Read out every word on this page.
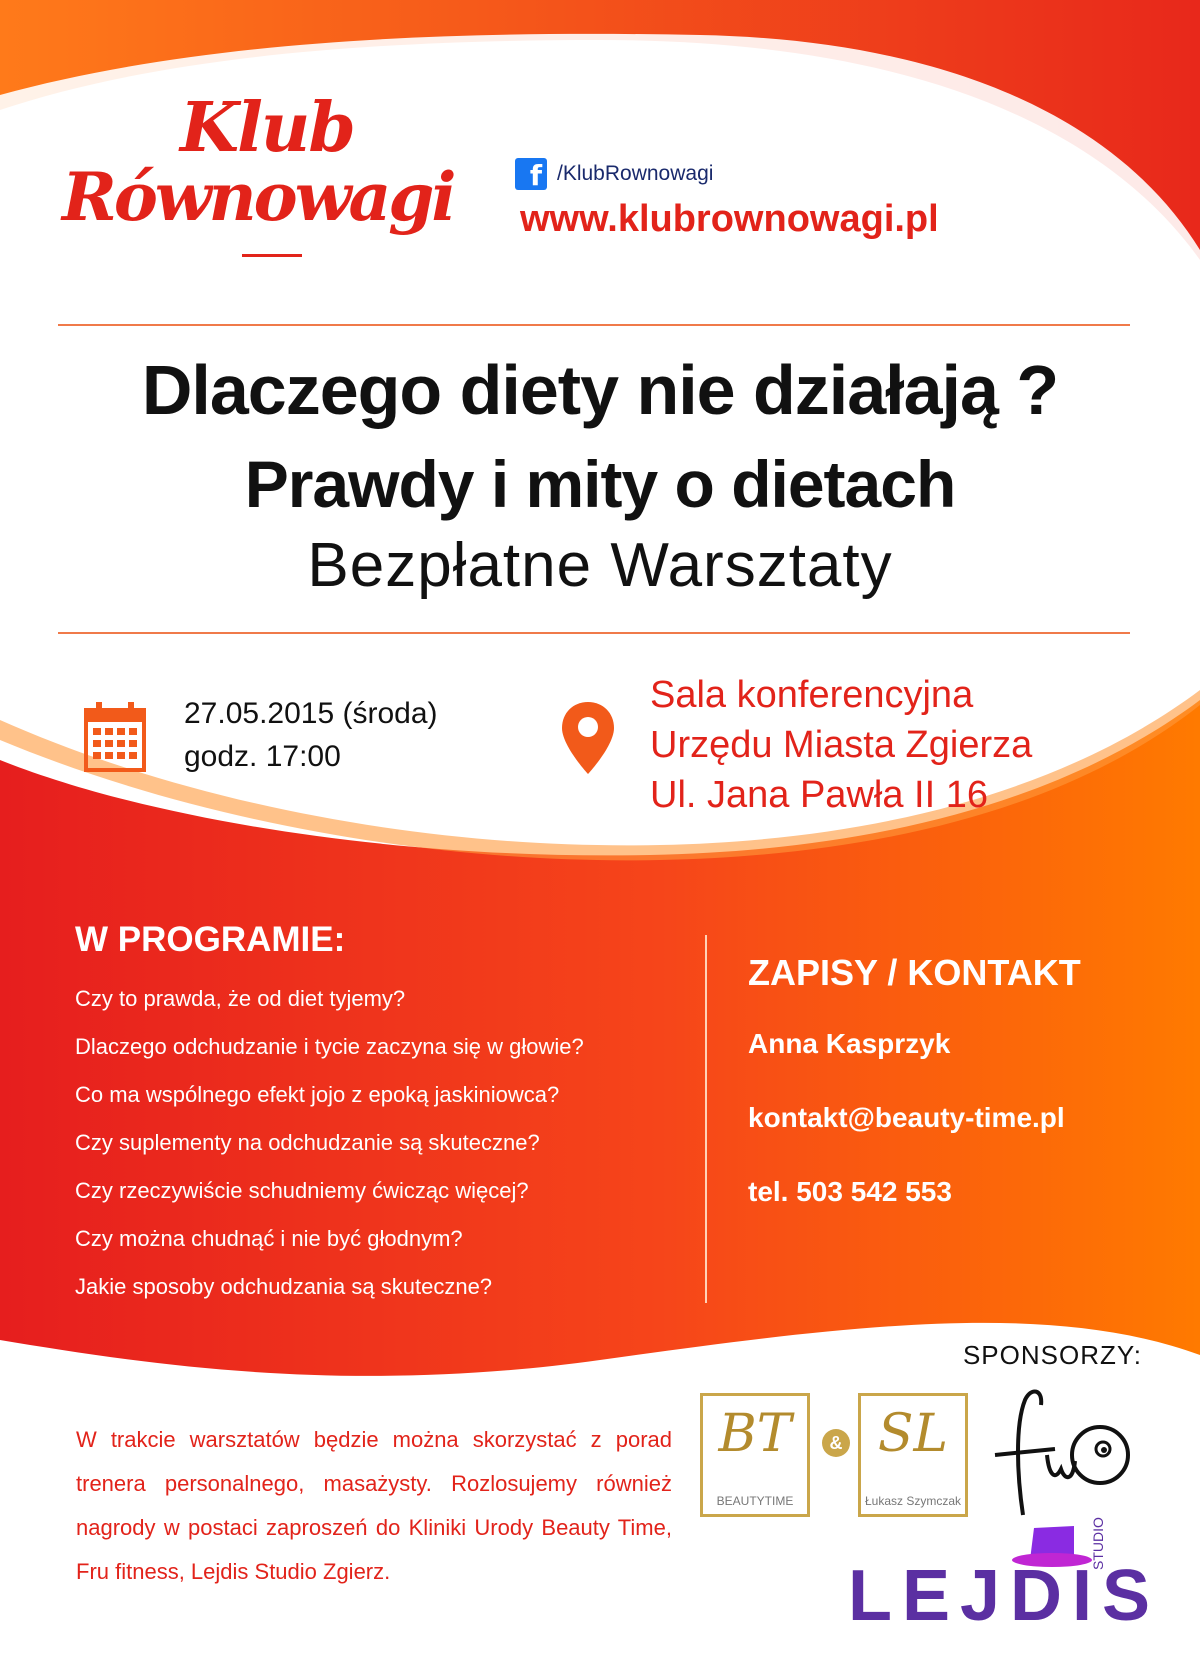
Klub
Równowagi	f /KlubRownowagi
www.klubrownowagi.pl
Dlaczego diety nie działają ?
Prawdy i mity o dietach
Bezpłatne Warsztaty
27.05.2015 (środa)
godz. 17:00
Sala konferencyjna
Urzędu Miasta Zgierza
Ul. Jana Pawła II 16
W PROGRAMIE:
Czy to prawda, że od diet tyjemy?
Dlaczego odchudzanie i tycie zaczyna się w głowie?
Co ma wspólnego efekt jojo z epoką jaskiniowca?
Czy suplementy na odchudzanie są skuteczne?
Czy rzeczywiście schudniemy ćwicząc więcej?
Czy można chudnąć i nie być głodnym?
Jakie sposoby odchudzania są skuteczne?
ZAPISY / KONTAKT
Anna Kasprzyk
kontakt@beauty-time.pl
tel. 503 542 553
SPONSORZY:
BT
BEAUTYTIME
& SL
Łukasz Szymczak
LEJDIS
STUDIO
W trakcie warsztatów będzie można skorzystać z porad trenera personalnego, masażysty. Rozlosujemy również nagrody w postaci zaproszeń do Kliniki Urody Beauty Time, Fru fitness, Lejdis Studio Zgierz.
